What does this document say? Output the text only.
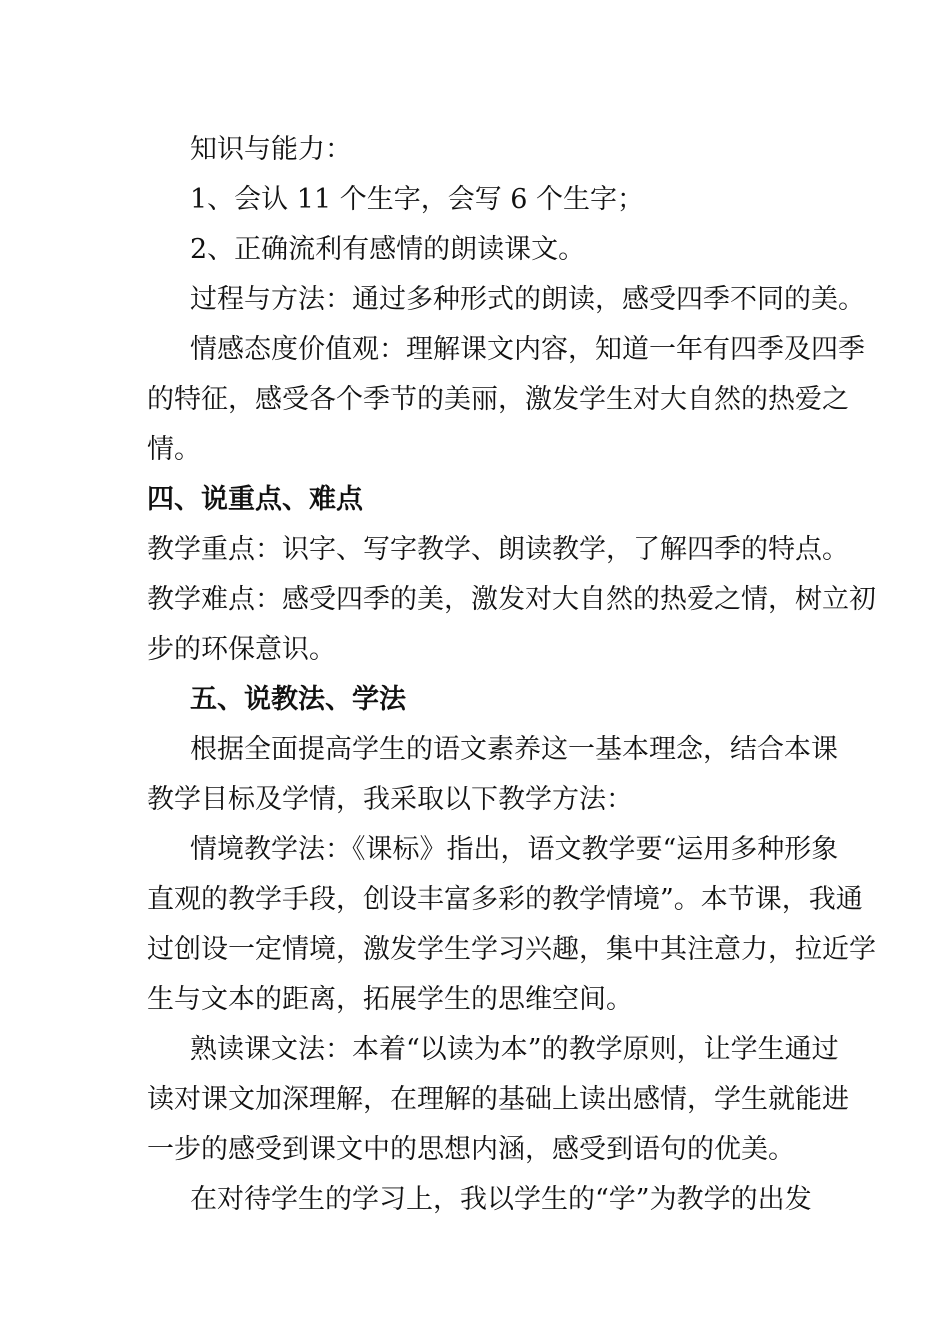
知识与能力：
1、会认 11 个生字，会写 6 个生字；
2、正确流利有感情的朗读课文。
过程与方法：通过多种形式的朗读，感受四季不同的美。
情感态度价值观：理解课文内容，知道一年有四季及四季
的特征，感受各个季节的美丽，激发学生对大自然的热爱之
情。
四、说重点、难点
教学重点：识字、写字教学、朗读教学，了解四季的特点。
教学难点：感受四季的美，激发对大自然的热爱之情，树立初
步的环保意识。
五、说教法、学法
根据全面提高学生的语文素养这一基本理念，结合本课
教学目标及学情，我采取以下教学方法：
情境教学法：《课标》指出，语文教学要“运用多种形象
直观的教学手段，创设丰富多彩的教学情境”。本节课，我通
过创设一定情境，激发学生学习兴趣，集中其注意力，拉近学
生与文本的距离，拓展学生的思维空间。
熟读课文法：本着“以读为本”的教学原则，让学生通过
读对课文加深理解，在理解的基础上读出感情，学生就能进
一步的感受到课文中的思想内涵，感受到语句的优美。
在对待学生的学习上，我以学生的“学”为教学的出发
